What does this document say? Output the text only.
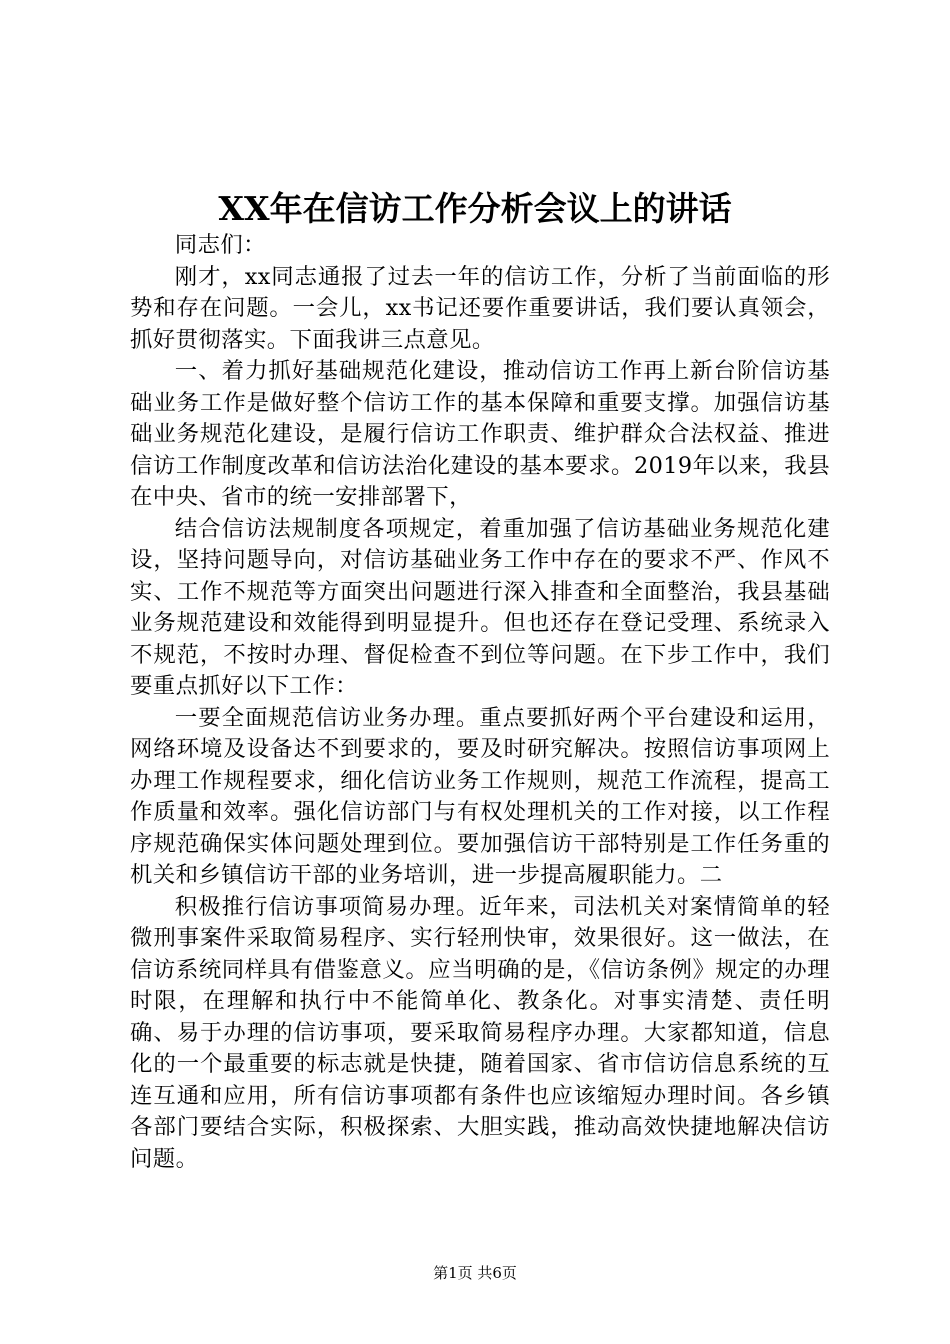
XX年在信访工作分析会议上的讲话

同志们：

刚才，xx同志通报了过去一年的信访工作，分析了当前面临的形势和存在问题。一会儿，xx书记还要作重要讲话，我们要认真领会，抓好贯彻落实。下面我讲三点意见。

一、着力抓好基础规范化建设，推动信访工作再上新台阶信访基础业务工作是做好整个信访工作的基本保障和重要支撑。加强信访基础业务规范化建设，是履行信访工作职责、维护群众合法权益、推进信访工作制度改革和信访法治化建设的基本要求。2019年以来，我县在中央、省市的统一安排部署下，

结合信访法规制度各项规定，着重加强了信访基础业务规范化建设，坚持问题导向，对信访基础业务工作中存在的要求不严、作风不实、工作不规范等方面突出问题进行深入排查和全面整治，我县基础业务规范建设和效能得到明显提升。但也还存在登记受理、系统录入不规范，不按时办理、督促检查不到位等问题。在下步工作中，我们要重点抓好以下工作：

一要全面规范信访业务办理。重点要抓好两个平台建设和运用，网络环境及设备达不到要求的，要及时研究解决。按照信访事项网上办理工作规程要求，细化信访业务工作规则，规范工作流程，提高工作质量和效率。强化信访部门与有权处理机关的工作对接，以工作程序规范确保实体问题处理到位。要加强信访干部特别是工作任务重的机关和乡镇信访干部的业务培训，进一步提高履职能力。二

积极推行信访事项简易办理。近年来，司法机关对案情简单的轻微刑事案件采取简易程序、实行轻刑快审，效果很好。这一做法，在信访系统同样具有借鉴意义。应当明确的是，《信访条例》规定的办理时限，在理解和执行中不能简单化、教条化。对事实清楚、责任明确、易于办理的信访事项，要采取简易程序办理。大家都知道，信息化的一个最重要的标志就是快捷，随着国家、省市信访信息系统的互连互通和应用，所有信访事项都有条件也应该缩短办理时间。各乡镇各部门要结合实际，积极探索、大胆实践，推动高效快捷地解决信访问题。

第1页 共6页
